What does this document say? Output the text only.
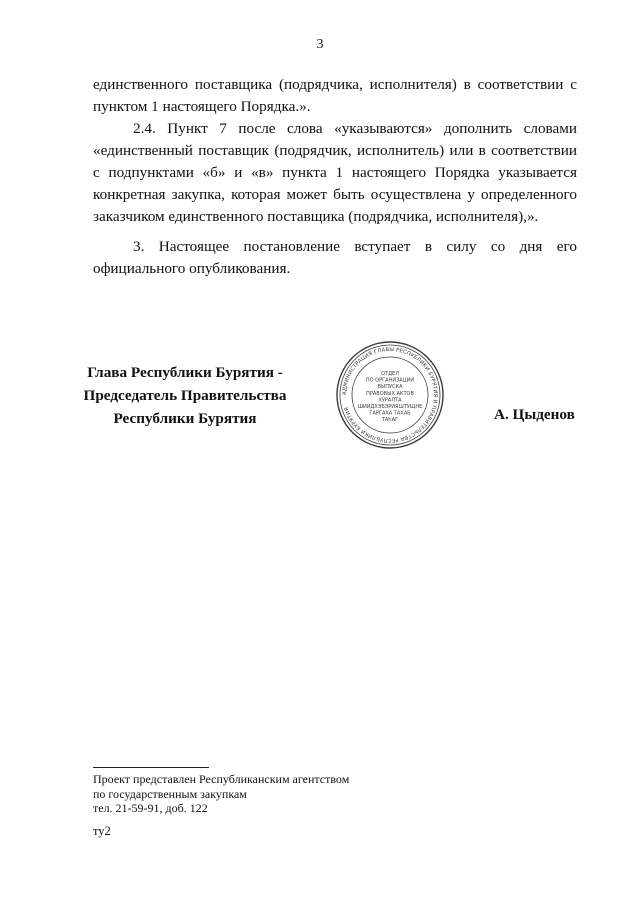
3

единственного поставщика (подрядчика, исполнителя) в соответствии с пунктом 1 настоящего Порядка.».

2.4. Пункт 7 после слова «указываются» дополнить словами «единственный поставщик (подрядчик, исполнитель) или в соответствии с подпунктами «б» и «в» пункта 1 настоящего Порядка указывается конкретная закупка, которая может быть осуществлена у определенного заказчиком единственного поставщика (подрядчика, исполнителя),».

3. Настоящее постановление вступает в силу со дня его официального опубликования.

Глава Республики Бурятия -
Председатель Правительства
Республики Бурятия
АДМИНИСТРАЦИЯ ГЛАВЫ РЕСПУБЛИКИ БУРЯТИЯ И ПРАВИТЕЛЬСТВА РЕСПУБЛИКИ БУРЯТИЯ
ОТДЕЛ
ПО ОРГАНИЗАЦИИ
ВЫПУСКА
ПРАВОВЫХ АКТОВ
ХУРАЛТА
ШИИДХЭБЭРИЯШТУЩНЕ
ГАРГАХА ТАХАБ
ТАҺАГ	А. Цыденов
Проект представлен Республиканским агентством
по государственным закупкам
тел. 21-59-91, доб. 122
ту2
